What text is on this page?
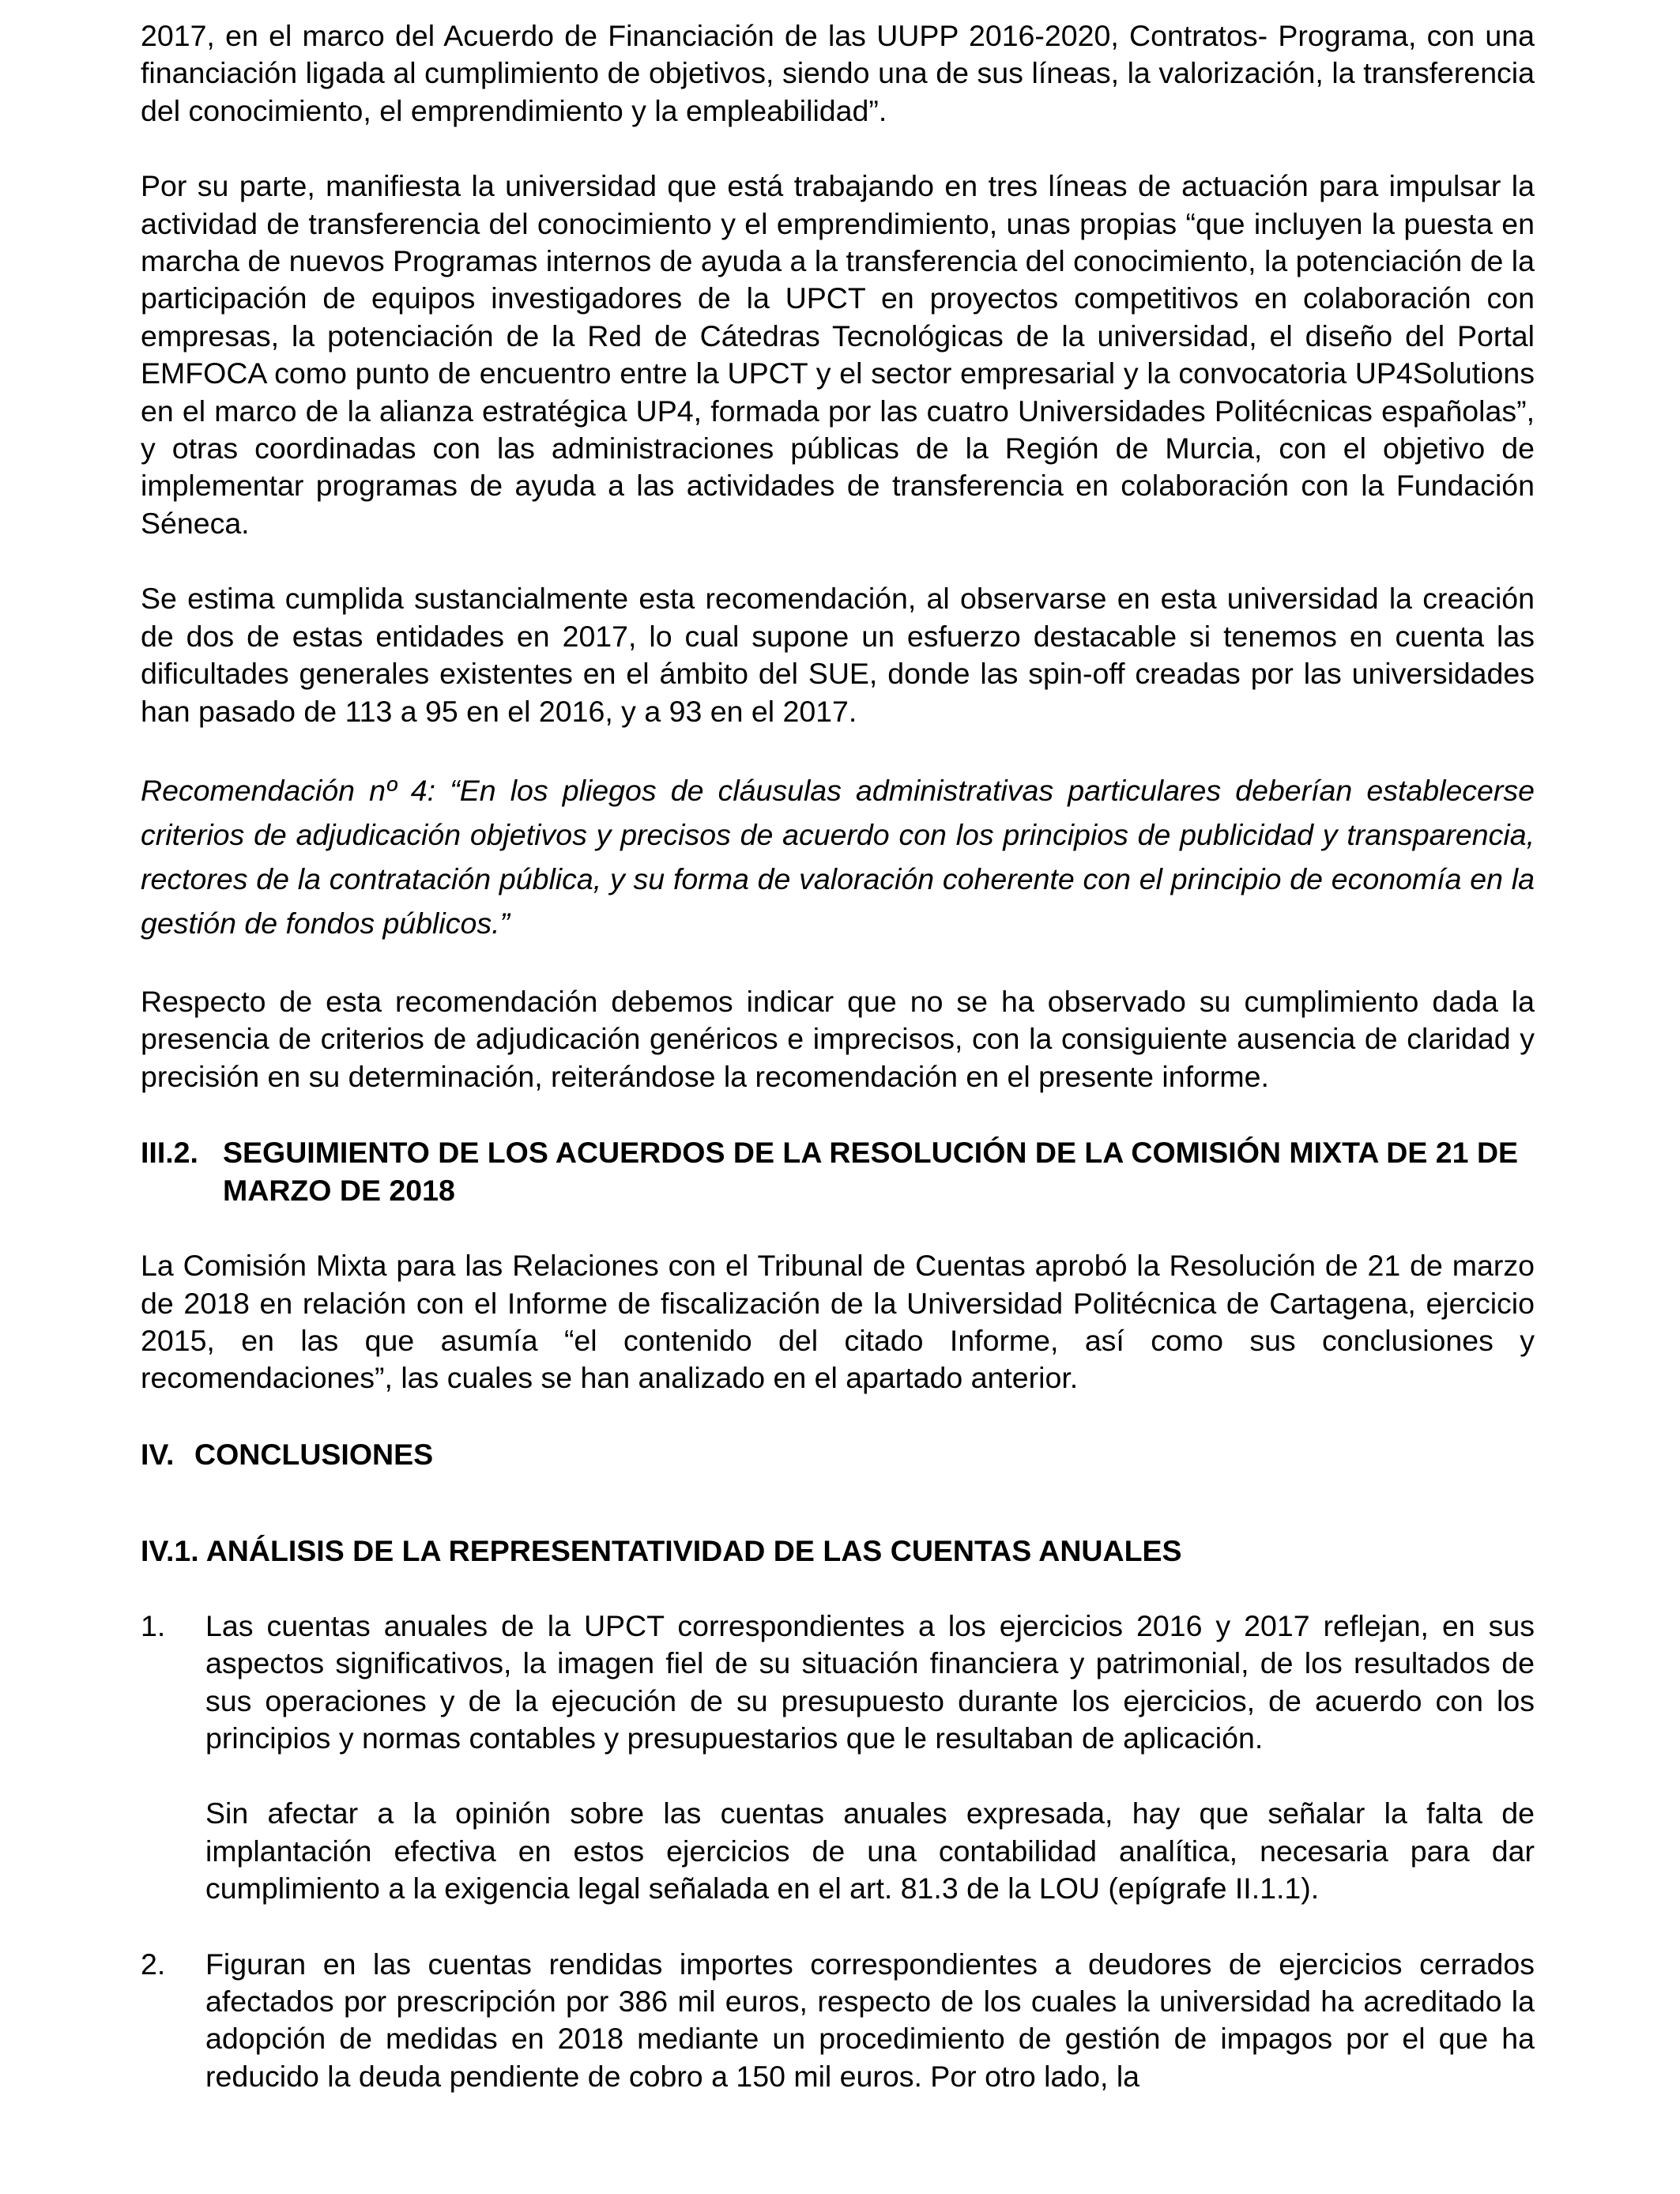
2017, en el marco del Acuerdo de Financiación de las UUPP 2016-2020, Contratos- Programa, con una financiación ligada al cumplimiento de objetivos, siendo una de sus líneas, la valorización, la transferencia del conocimiento, el emprendimiento y la empleabilidad”.

Por su parte, manifiesta la universidad que está trabajando en tres líneas de actuación para impulsar la actividad de transferencia del conocimiento y el emprendimiento, unas propias “que incluyen la puesta en marcha de nuevos Programas internos de ayuda a la transferencia del conocimiento, la potenciación de la participación de equipos investigadores de la UPCT en proyectos competitivos en colaboración con empresas, la potenciación de la Red de Cátedras Tecnológicas de la universidad, el diseño del Portal EMFOCA como punto de encuentro entre la UPCT y el sector empresarial y la convocatoria UP4Solutions en el marco de la alianza estratégica UP4, formada por las cuatro Universidades Politécnicas españolas”, y otras coordinadas con las administraciones públicas de la Región de Murcia, con el objetivo de implementar programas de ayuda a las actividades de transferencia en colaboración con la Fundación Séneca.

Se estima cumplida sustancialmente esta recomendación, al observarse en esta universidad la creación de dos de estas entidades en 2017, lo cual supone un esfuerzo destacable si tenemos en cuenta las dificultades generales existentes en el ámbito del SUE, donde las spin-off creadas por las universidades han pasado de 113 a 95 en el 2016, y a 93 en el 2017.

Recomendación nº 4: “En los pliegos de cláusulas administrativas particulares deberían establecerse criterios de adjudicación objetivos y precisos de acuerdo con los principios de publicidad y transparencia, rectores de la contratación pública, y su forma de valoración coherente con el principio de economía en la gestión de fondos públicos.”

Respecto de esta recomendación debemos indicar que no se ha observado su cumplimiento dada la presencia de criterios de adjudicación genéricos e imprecisos, con la consiguiente ausencia de claridad y precisión en su determinación, reiterándose la recomendación en el presente informe.

III.2. SEGUIMIENTO DE LOS ACUERDOS DE LA RESOLUCIÓN DE LA COMISIÓN MIXTA DE 21 DE MARZO DE 2018

La Comisión Mixta para las Relaciones con el Tribunal de Cuentas aprobó la Resolución de 21 de marzo de 2018 en relación con el Informe de fiscalización de la Universidad Politécnica de Cartagena, ejercicio 2015, en las que asumía “el contenido del citado Informe, así como sus conclusiones y recomendaciones”, las cuales se han analizado en el apartado anterior.

IV. CONCLUSIONES
IV.1. ANÁLISIS DE LA REPRESENTATIVIDAD DE LAS CUENTAS ANUALES
1. Las cuentas anuales de la UPCT correspondientes a los ejercicios 2016 y 2017 reflejan, en sus aspectos significativos, la imagen fiel de su situación financiera y patrimonial, de los resultados de sus operaciones y de la ejecución de su presupuesto durante los ejercicios, de acuerdo con los principios y normas contables y presupuestarios que le resultaban de aplicación.

Sin afectar a la opinión sobre las cuentas anuales expresada, hay que señalar la falta de implantación efectiva en estos ejercicios de una contabilidad analítica, necesaria para dar cumplimiento a la exigencia legal señalada en el art. 81.3 de la LOU (epígrafe II.1.1).

2. Figuran en las cuentas rendidas importes correspondientes a deudores de ejercicios cerrados afectados por prescripción por 386 mil euros, respecto de los cuales la universidad ha acreditado la adopción de medidas en 2018 mediante un procedimiento de gestión de impagos por el que ha reducido la deuda pendiente de cobro a 150 mil euros. Por otro lado, la
